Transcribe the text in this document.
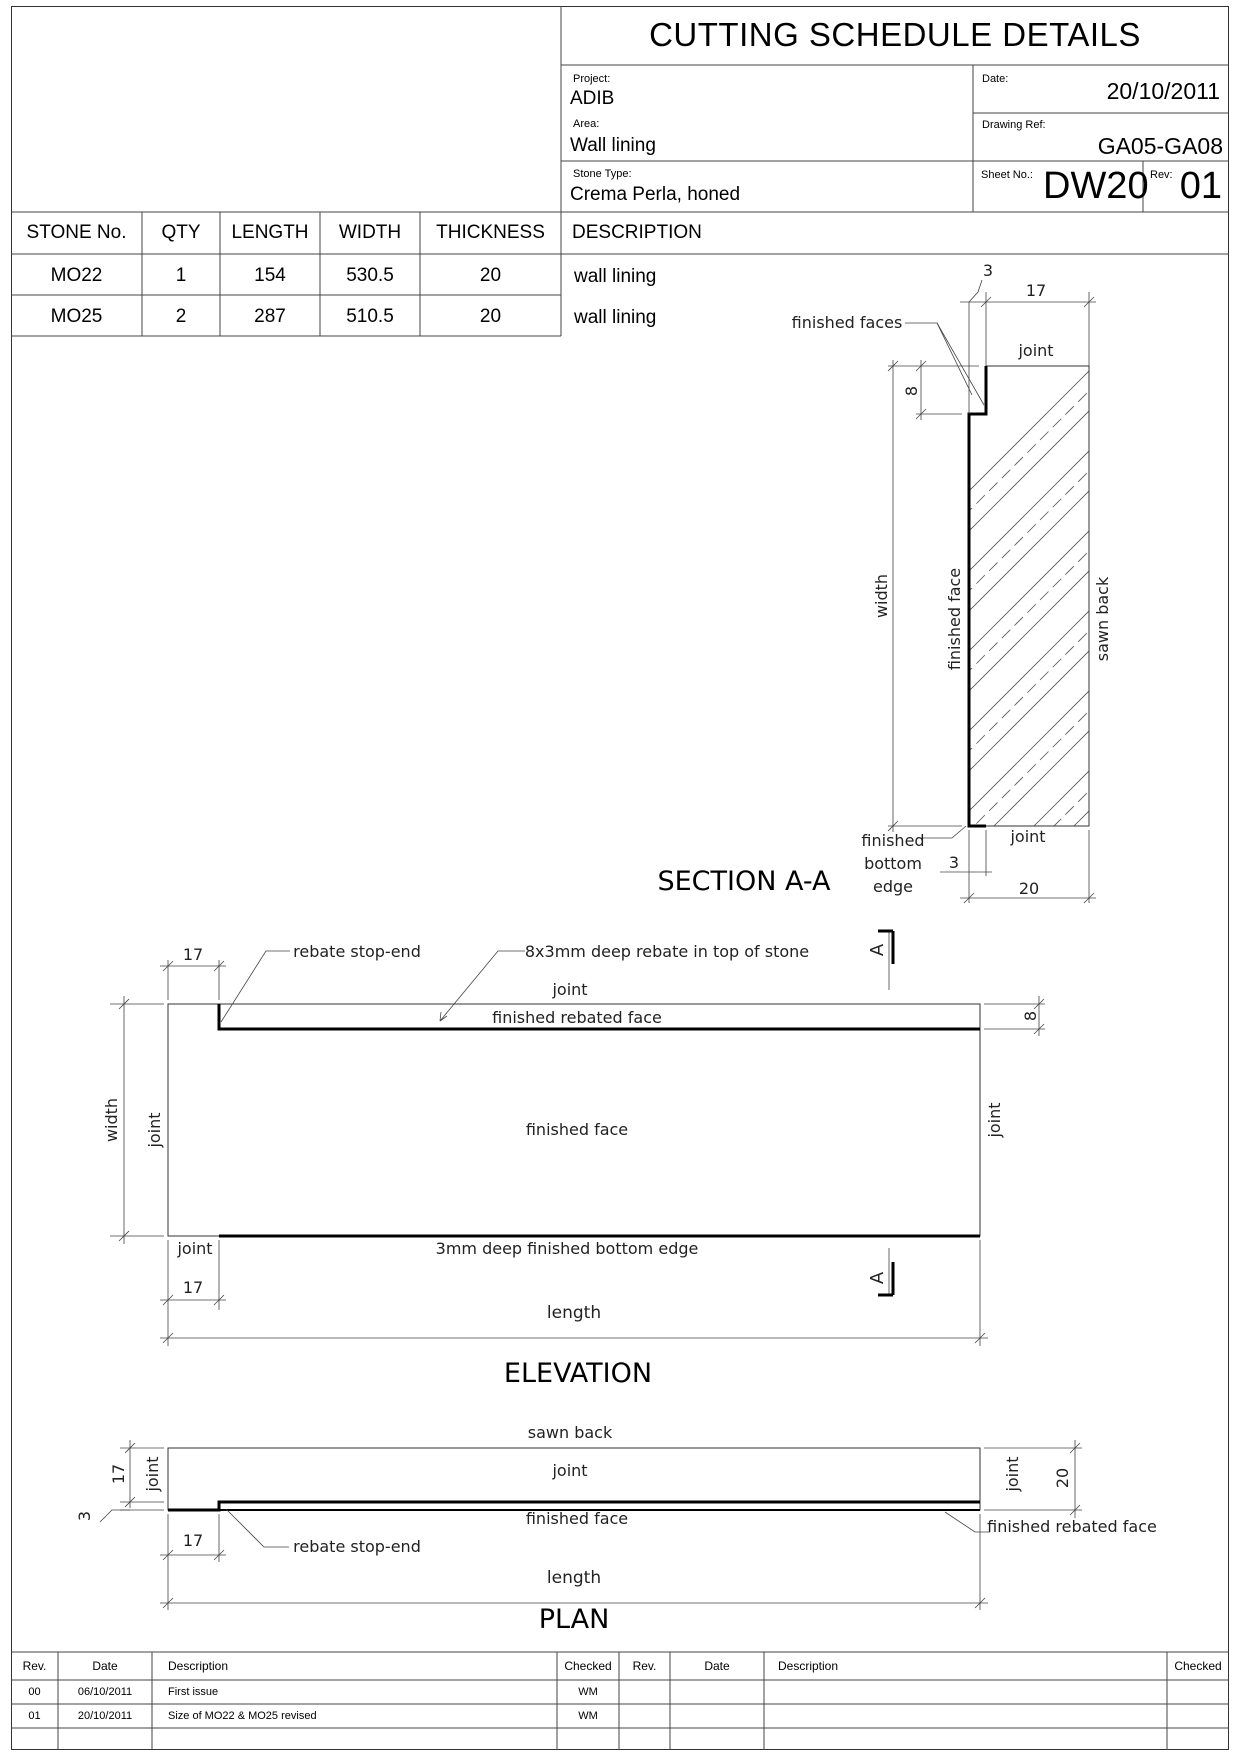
CUTTING SCHEDULE DETAILS
Project:
ADIB
Area:
Wall lining
Stone Type:
Crema Perla, honed
Date:	20/10/2011
Drawing Ref:
GA05-GA08
Sheet No.: DW20 Rev: 01
STONE No.	QTY	LENGTH	WIDTH	THICKNESS	DESCRIPTION
MO22	1	154	530.5	20	wall lining
MO25	2	287	510.5	20	wall lining
3
17
finished faces
joint
8
width	finished face	sawn back
finished
bottom
edge
3
joint
20
SECTION A-A
17	rebate stop-end	8x3mm deep rebate in top of stone	A
A
joint
finished rebated face	8
width joint	finished face	joint
joint	3mm deep finished bottom edge
17
length
ELEVATION
sawn back
17 joint	joint	joint 20
3	finished face	finished rebated face
17	rebate stop-end
length
PLAN
Rev.	Date	Description	Checked	Rev.	Date	Description	Checked
00	06/10/2011	First issue	WM
01	20/10/2011	Size of MO22 & MO25 revised	WM
